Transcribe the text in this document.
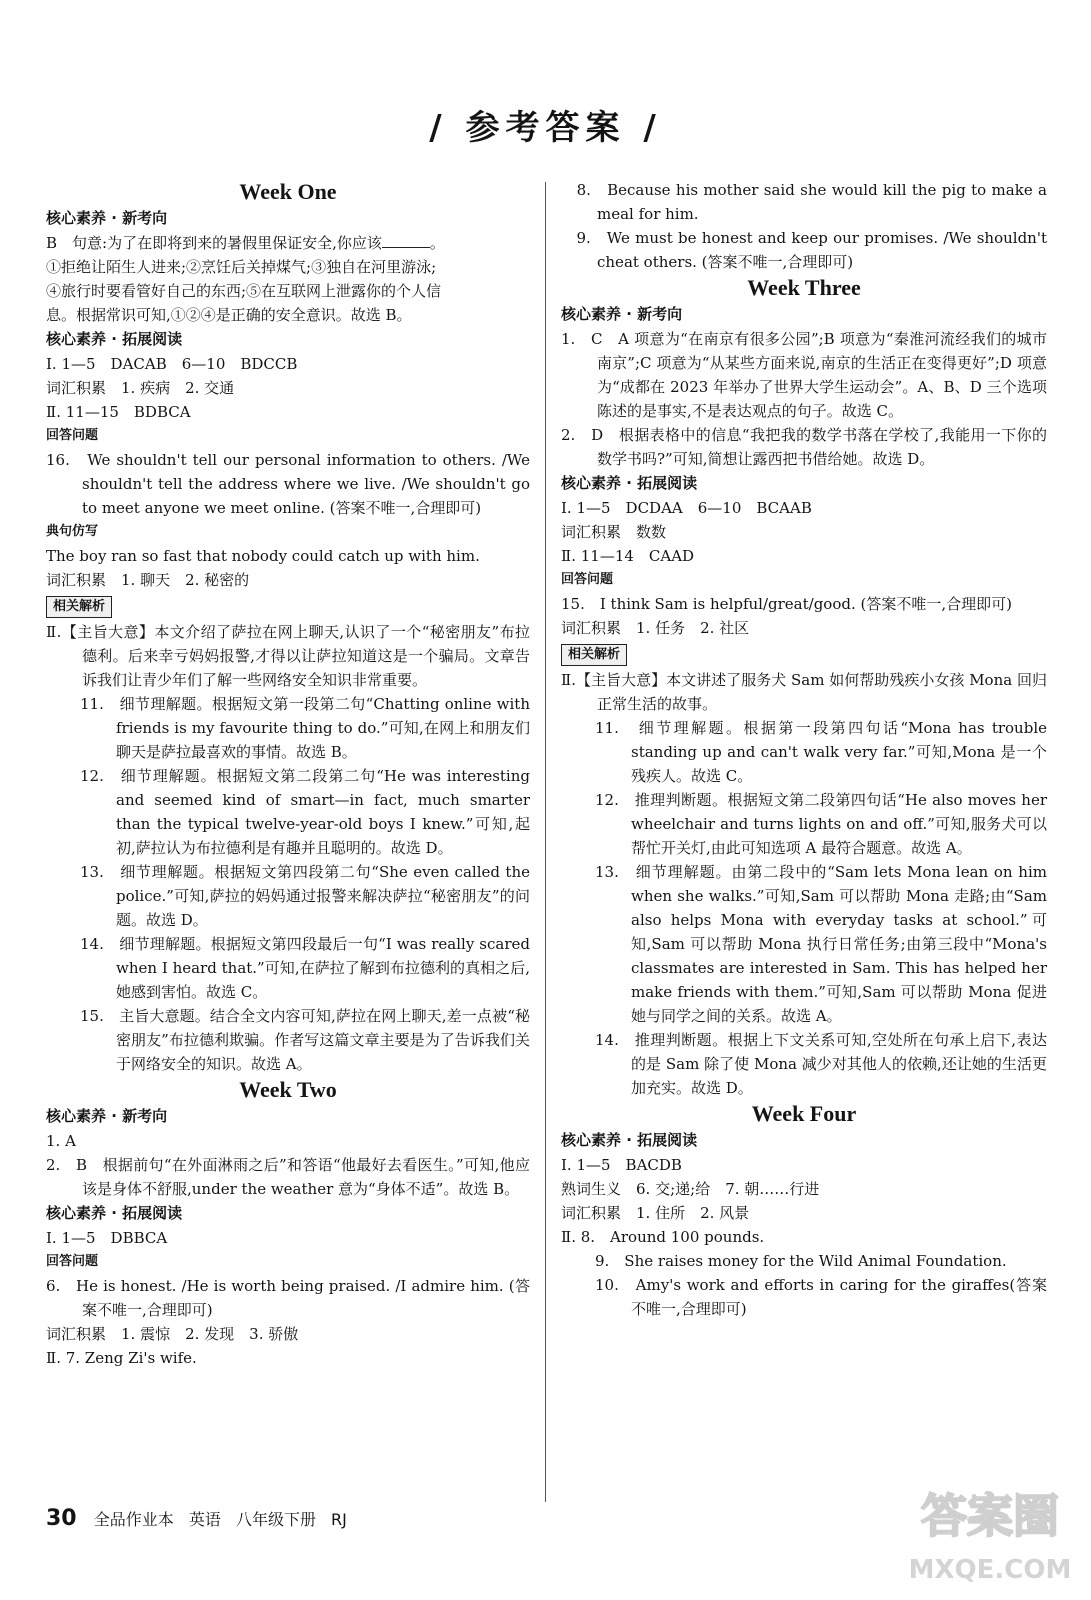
/ 参考答案 /

Week One

核心素养 · 新考向

B　句意:为了在即将到来的暑假里保证安全,你应该	。

①拒绝让陌生人进来;②烹饪后关掉煤气;③独自在河里游泳;

④旅行时要看管好自己的东西;⑤在互联网上泄露你的个人信

息。根据常识可知,①②④是正确的安全意识。故选 B。

核心素养 · 拓展阅读

Ⅰ. 1—5　DACAB　6—10　BDCCB

词汇积累　1. 疾病　2. 交通

Ⅱ. 11—15　BDBCA

回答问题

16.　We shouldn't tell our personal information to others. /We shouldn't tell the address where we live. /We shouldn't go to meet anyone we meet online. (答案不唯一,合理即可)

典句仿写

The boy ran so fast that nobody could catch up with him.

词汇积累　1. 聊天　2. 秘密的

相关解析

Ⅱ.【主旨大意】本文介绍了萨拉在网上聊天,认识了一个“秘密朋友”布拉德利。后来幸亏妈妈报警,才得以让萨拉知道这是一个骗局。文章告诉我们让青少年们了解一些网络安全知识非常重要。

11.　细节理解题。根据短文第一段第二句“Chatting online with friends is my favourite thing to do.”可知,在网上和朋友们聊天是萨拉最喜欢的事情。故选 B。

12.　细节理解题。根据短文第二段第二句“He was interesting and seemed kind of smart—in fact, much smarter than the typical twelve-year-old boys I knew.”可知,起初,萨拉认为布拉德利是有趣并且聪明的。故选 D。

13.　细节理解题。根据短文第四段第二句“She even called the police.”可知,萨拉的妈妈通过报警来解决萨拉“秘密朋友”的问题。故选 D。

14.　细节理解题。根据短文第四段最后一句“I was really scared when I heard that.”可知,在萨拉了解到布拉德利的真相之后,她感到害怕。故选 C。

15.　主旨大意题。结合全文内容可知,萨拉在网上聊天,差一点被“秘密朋友”布拉德利欺骗。作者写这篇文章主要是为了告诉我们关于网络安全的知识。故选 A。

Week Two

核心素养 · 新考向

1. A

2.　B　根据前句“在外面淋雨之后”和答语“他最好去看医生。”可知,他应该是身体不舒服,under the weather 意为“身体不适”。故选 B。

核心素养 · 拓展阅读

Ⅰ. 1—5　DBBCA

回答问题

6.　He is honest. /He is worth being praised. /I admire him. (答案不唯一,合理即可)

词汇积累　1. 震惊　2. 发现　3. 骄傲

Ⅱ. 7. Zeng Zi's wife.

　8.　Because his mother said she would kill the pig to make a meal for him.

　9.　We must be honest and keep our promises. /We shouldn't cheat others. (答案不唯一,合理即可)

Week Three

核心素养 · 新考向

1.　C　A 项意为“在南京有很多公园”;B 项意为“秦淮河流经我们的城市南京”;C 项意为“从某些方面来说,南京的生活正在变得更好”;D 项意为“成都在 2023 年举办了世界大学生运动会”。A、B、D 三个选项陈述的是事实,不是表达观点的句子。故选 C。

2.　D　根据表格中的信息“我把我的数学书落在学校了,我能用一下你的数学书吗?”可知,简想让露西把书借给她。故选 D。

核心素养 · 拓展阅读

Ⅰ. 1—5　DCDAA　6—10　BCAAB

词汇积累　数数

Ⅱ. 11—14　CAAD

回答问题

15.　I think Sam is helpful/great/good. (答案不唯一,合理即可)

词汇积累　1. 任务　2. 社区

相关解析

Ⅱ.【主旨大意】本文讲述了服务犬 Sam 如何帮助残疾小女孩 Mona 回归正常生活的故事。

11.　细节理解题。根据第一段第四句话“Mona has trouble standing up and can't walk very far.”可知,Mona 是一个残疾人。故选 C。

12.　推理判断题。根据短文第二段第四句话“He also moves her wheelchair and turns lights on and off.”可知,服务犬可以帮忙开关灯,由此可知选项 A 最符合题意。故选 A。

13.　细节理解题。由第二段中的“Sam lets Mona lean on him when she walks.”可知,Sam 可以帮助 Mona 走路;由“Sam also helps Mona with everyday tasks at school.”可知,Sam 可以帮助 Mona 执行日常任务;由第三段中“Mona's classmates are interested in Sam. This has helped her make friends with them.”可知,Sam 可以帮助 Mona 促进她与同学之间的关系。故选 A。

14.　推理判断题。根据上下文关系可知,空处所在句承上启下,表达的是 Sam 除了使 Mona 减少对其他人的依赖,还让她的生活更加充实。故选 D。

Week Four

核心素养 · 拓展阅读

Ⅰ. 1—5　BACDB

熟词生义　6. 交;递;给　7. 朝……行进

词汇积累　1. 住所　2. 风景

Ⅱ. 8.　Around 100 pounds.

9.　She raises money for the Wild Animal Foundation.

10.　Amy's work and efforts in caring for the giraffes(答案不唯一,合理即可)

30 全品作业本 英语 八年级下册 RJ	答案圈
MXQE.COM
